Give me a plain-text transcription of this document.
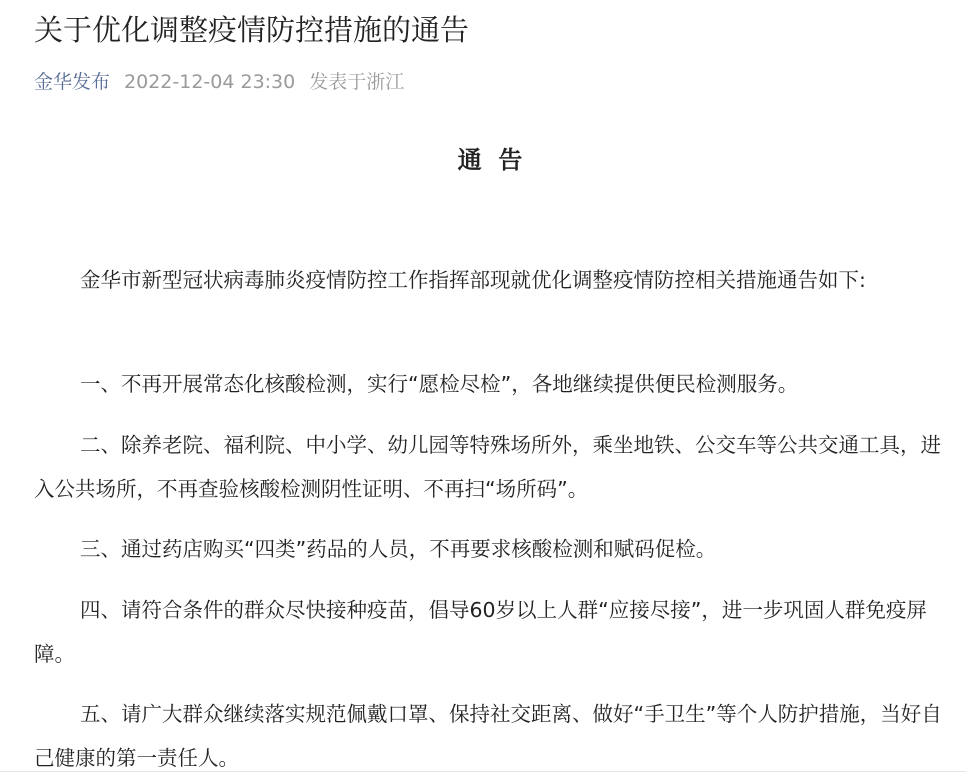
关于优化调整疫情防控措施的通告
金华发布 2022-12-04 23:30 发表于浙江
通  告

金华市新型冠状病毒肺炎疫情防控工作指挥部现就优化调整疫情防控相关措施通告如下:

一、不再开展常态化核酸检测，实行“愿检尽检”，各地继续提供便民检测服务。

二、除养老院、福利院、中小学、幼儿园等特殊场所外，乘坐地铁、公交车等公共交通工具，进入公共场所，不再查验核酸检测阴性证明、不再扫“场所码”。

三、通过药店购买“四类”药品的人员，不再要求核酸检测和赋码促检。

四、请符合条件的群众尽快接种疫苗，倡导60岁以上人群“应接尽接”，进一步巩固人群免疫屏障。

五、请广大群众继续落实规范佩戴口罩、保持社交距离、做好“手卫生”等个人防护措施，当好自己健康的第一责任人。
